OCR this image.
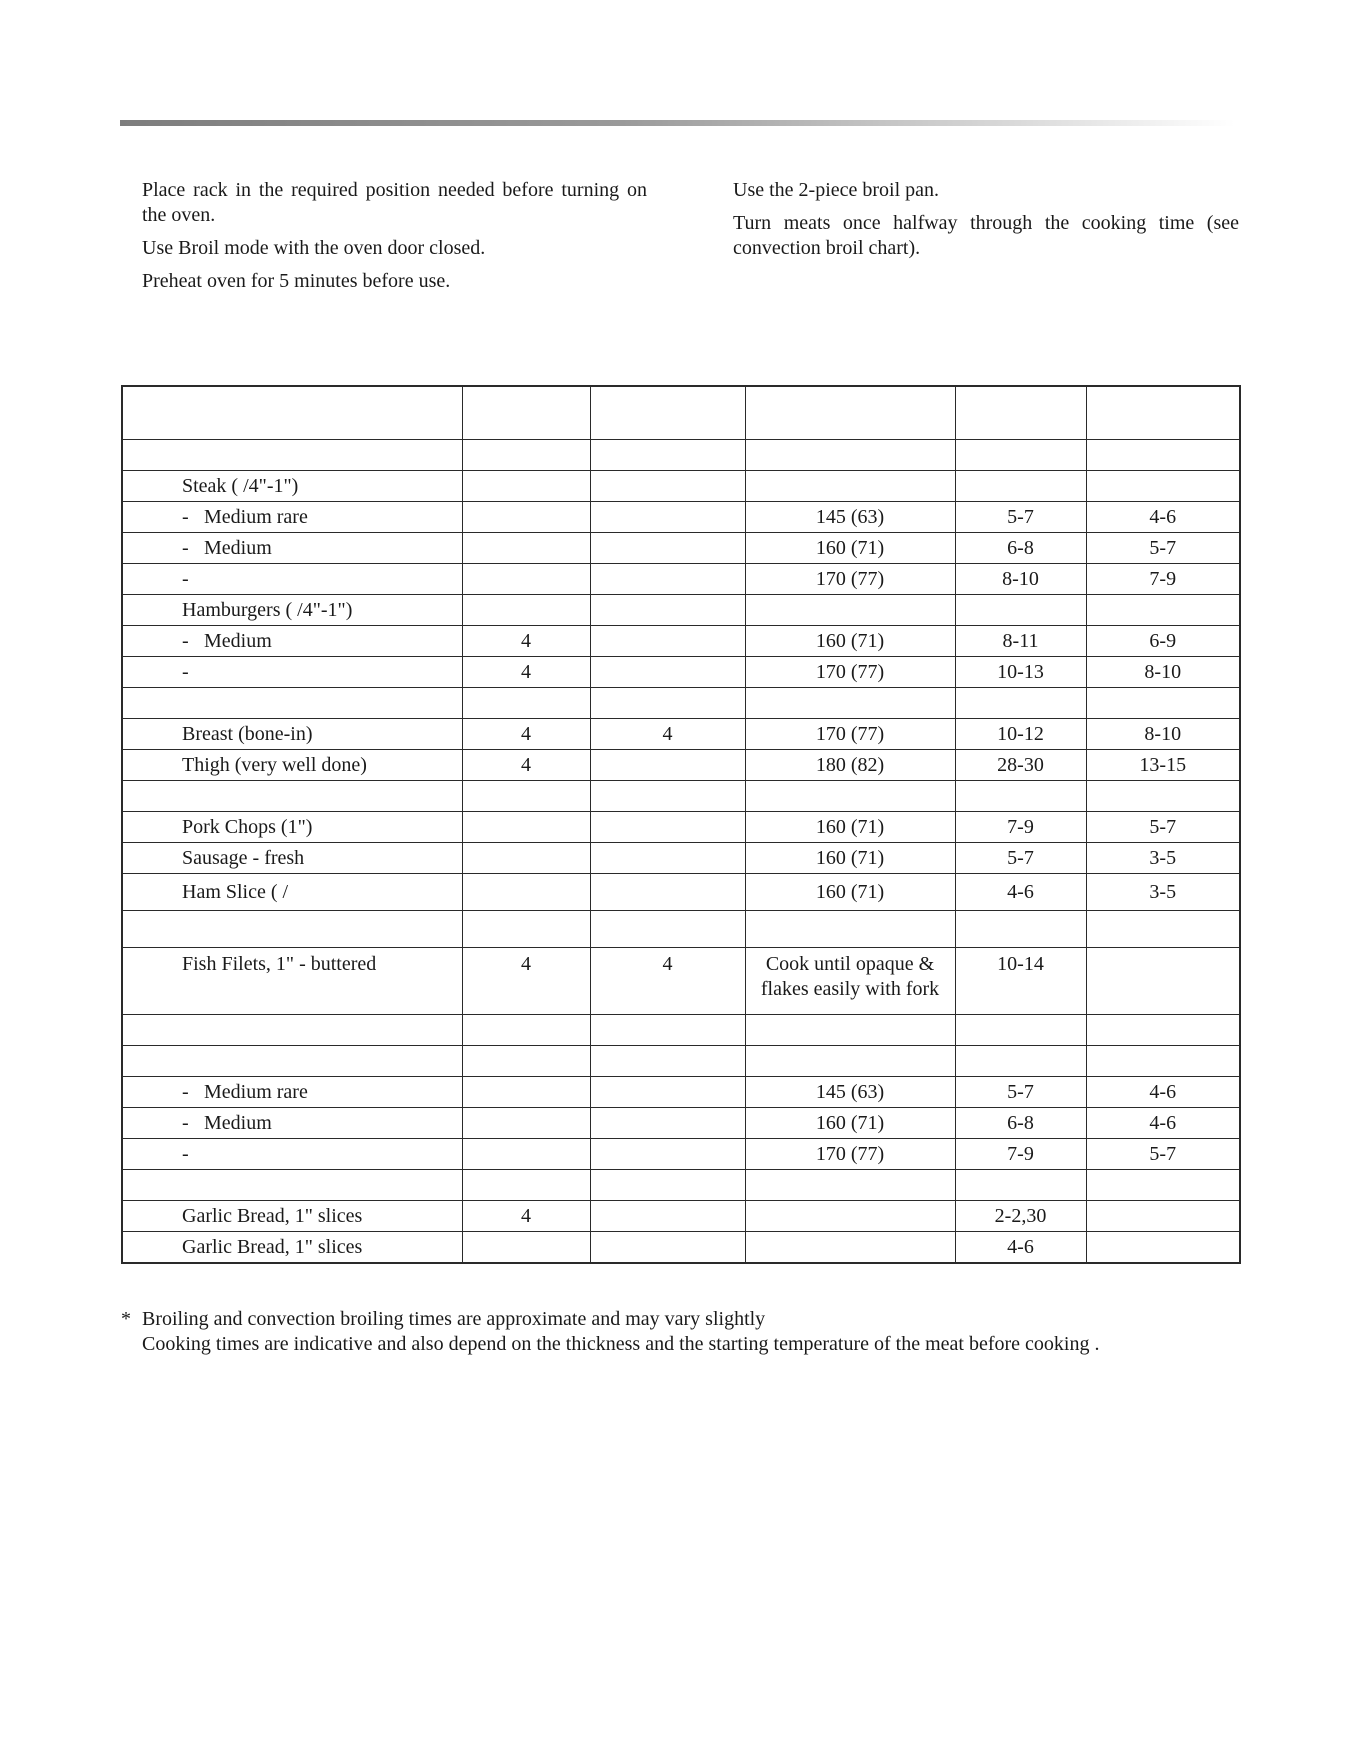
Place rack in the required position needed before turning on the oven.

Use Broil mode with the oven door closed.

Preheat oven for 5 minutes before use.

Use the 2-piece broil pan.

Turn meats once halfway through the cooking time (see convection broil chart).

Steak ( /4"-1")					
- Medium rare			145 (63)	5-7	4-6
- Medium			160 (71)	6-8	5-7
-			170 (77)	8-10	7-9
Hamburgers ( /4"-1")					
- Medium	4		160 (71)	8-11	6-9
-	4		170 (77)	10-13	8-10

Breast (bone-in)	4	4	170 (77)	10-12	8-10
Thigh (very well done)	4		180 (82)	28-30	13-15

Pork Chops (1")			160 (71)	7-9	5-7
Sausage - fresh			160 (71)	5-7	3-5
Ham Slice ( /			160 (71)	4-6	3-5

Fish Filets, 1" - buttered	4	4	Cook until opaque & flakes easily with fork	10-14	

- Medium rare			145 (63)	5-7	4-6
- Medium			160 (71)	6-8	4-6
-			170 (77)	7-9	5-7

Garlic Bread, 1" slices	4			2-2,30	
Garlic Bread, 1" slices				4-6	
* Broiling and convection broiling times are approximate and may vary slightly
Cooking times are indicative and also depend on the thickness and the starting temperature of the meat before cooking .
